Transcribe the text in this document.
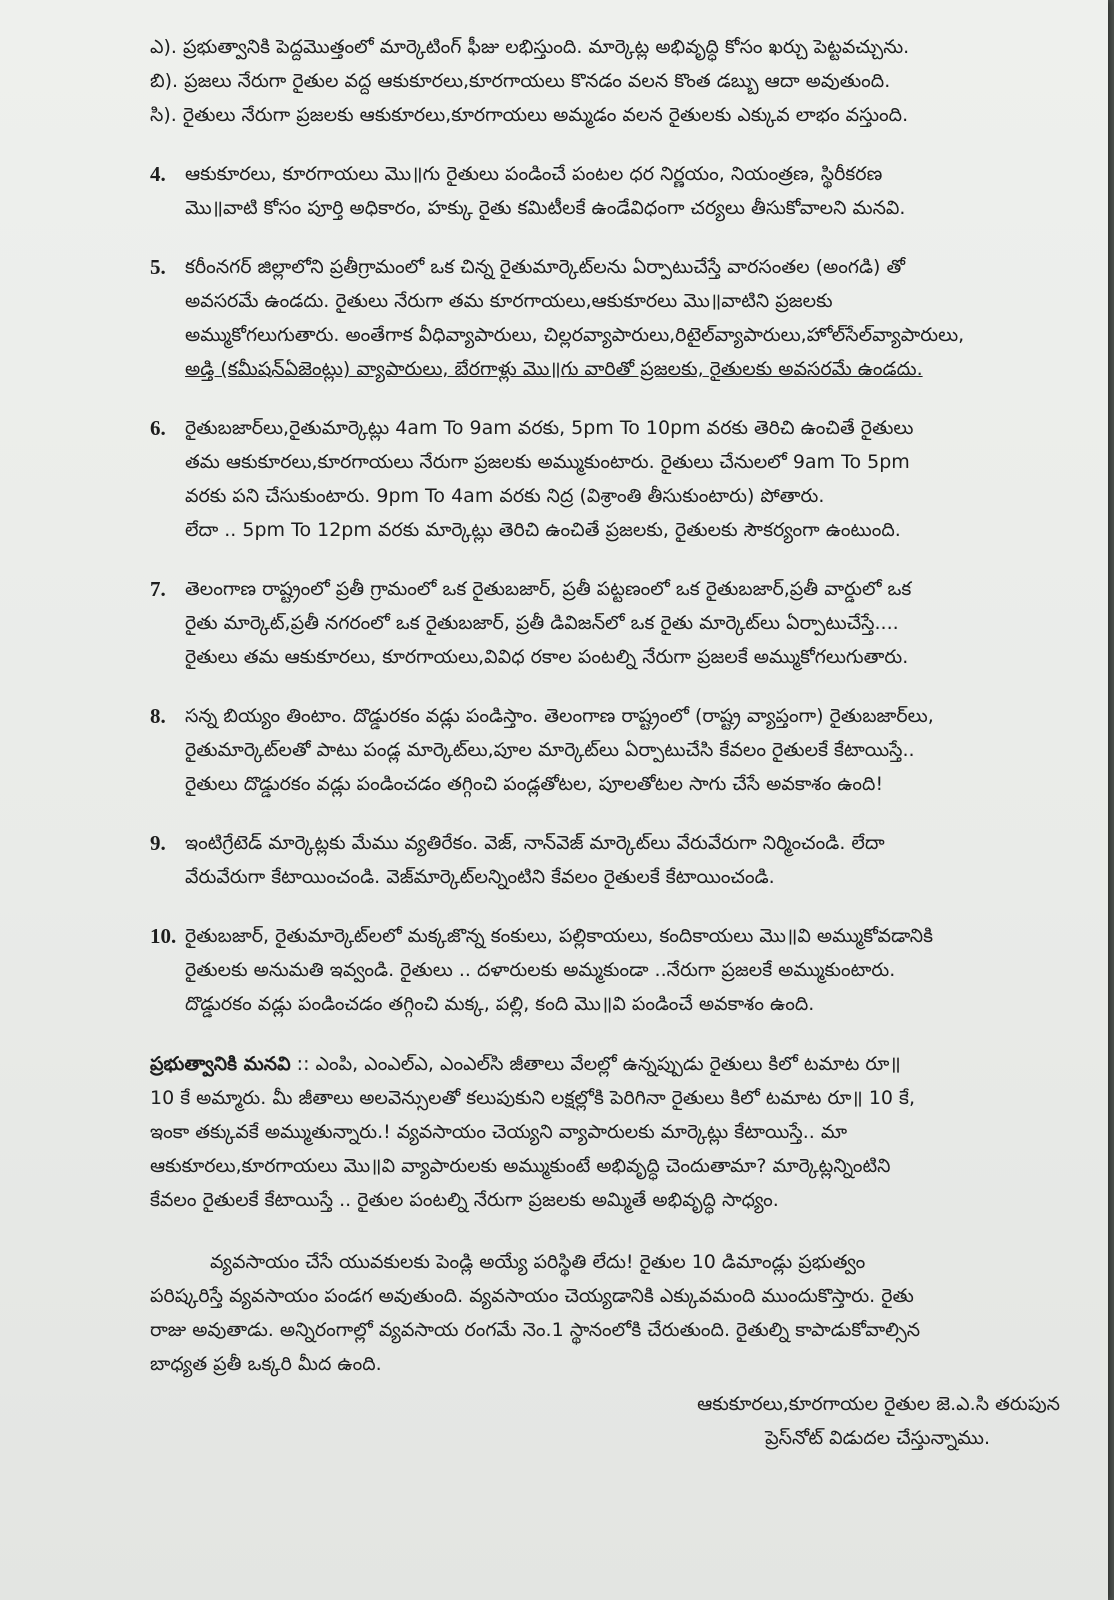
ఎ). ప్రభుత్వానికి పెద్దమొత్తంలో మార్కెటింగ్ ఫీజు లభిస్తుంది. మార్కెట్ల అభివృద్ధి కోసం ఖర్చు పెట్టవచ్చును.
బి). ప్రజలు నేరుగా రైతుల వద్ద ఆకుకూరలు,కూరగాయలు కొనడం వలన కొంత డబ్బు ఆదా అవుతుంది.
సి). రైతులు నేరుగా ప్రజలకు ఆకుకూరలు,కూరగాయలు అమ్మడం వలన రైతులకు ఎక్కువ లాభం వస్తుంది.
4. ఆకుకూరలు, కూరగాయలు మొ॥గు రైతులు పండించే పంటల ధర నిర్ణయం, నియంత్రణ, స్థిరీకరణ
మొ॥వాటి కోసం పూర్తి అధికారం, హక్కు రైతు కమిటీలకే ఉండేవిధంగా చర్యలు తీసుకోవాలని మనవి.
5. కరీంనగర్ జిల్లాలోని ప్రతీగ్రామంలో ఒక చిన్న రైతుమార్కెట్‌లను ఏర్పాటుచేస్తే వారసంతల (అంగడి) తో
అవసరమే ఉండదు. రైతులు నేరుగా తమ కూరగాయలు,ఆకుకూరలు మొ॥వాటిని ప్రజలకు
అమ్ముకోగలుగుతారు. అంతేగాక వీధివ్యాపారులు, చిల్లరవ్యాపారులు,రిటైల్‌వ్యాపారులు,హోల్‌సేల్‌వ్యాపారులు,
అడ్తి (కమీషన్‌ఏజెంట్లు) వ్యాపారులు, బేరగాళ్లు మొ॥గు వారితో ప్రజలకు, రైతులకు అవసరమే ఉండదు.
6. రైతుబజార్‌లు,రైతుమార్కెట్లు 4am To 9am వరకు, 5pm To 10pm వరకు తెరిచి ఉంచితే రైతులు
తమ ఆకుకూరలు,కూరగాయలు నేరుగా ప్రజలకు అమ్ముకుంటారు. రైతులు చేనులలో 9am To 5pm
వరకు పని చేసుకుంటారు. 9pm To 4am వరకు నిద్ర (విశ్రాంతి తీసుకుంటారు) పోతారు.
లేదా .. 5pm To 12pm వరకు మార్కెట్లు తెరిచి ఉంచితే ప్రజలకు, రైతులకు సౌకర్యంగా ఉంటుంది.
7. తెలంగాణ రాష్ట్రంలో ప్రతీ గ్రామంలో ఒక రైతుబజార్, ప్రతీ పట్టణంలో ఒక రైతుబజార్,ప్రతీ వార్డులో ఒక
రైతు మార్కెట్,ప్రతీ నగరంలో ఒక రైతుబజార్, ప్రతీ డివిజన్‌లో ఒక రైతు మార్కెట్‌లు ఏర్పాటుచేస్తే....
రైతులు తమ ఆకుకూరలు, కూరగాయలు,వివిధ రకాల పంటల్ని నేరుగా ప్రజలకే అమ్ముకోగలుగుతారు.
8. సన్న బియ్యం తింటాం. దొడ్డురకం వడ్లు పండిస్తాం. తెలంగాణ రాష్ట్రంలో (రాష్ట్ర వ్యాప్తంగా) రైతుబజార్‌లు,
రైతుమార్కెట్‌లతో పాటు పండ్ల మార్కెట్‌లు,పూల మార్కెట్‌లు ఏర్పాటుచేసి కేవలం రైతులకే కేటాయిస్తే..
రైతులు దొడ్డురకం వడ్లు పండించడం తగ్గించి పండ్లతోటల, పూలతోటల సాగు చేసే అవకాశం ఉంది!
9. ఇంటిగ్రేటెడ్ మార్కెట్లకు మేము వ్యతిరేకం. వెజ్, నాన్‌వెజ్ మార్కెట్‌లు వేరువేరుగా నిర్మించండి. లేదా
వేరువేరుగా కేటాయించండి. వెజ్‌మార్కెట్‌లన్నింటిని కేవలం రైతులకే కేటాయించండి.
10. రైతుబజార్, రైతుమార్కెట్‌లలో మక్కజొన్న కంకులు, పల్లికాయలు, కందికాయలు మొ॥వి అమ్ముకోవడానికి
రైతులకు అనుమతి ఇవ్వండి. రైతులు .. దళారులకు అమ్మకుండా ..నేరుగా ప్రజలకే అమ్ముకుంటారు.
దొడ్డురకం వడ్లు పండించడం తగ్గించి మక్క, పల్లి, కంది మొ॥వి పండించే అవకాశం ఉంది.
ప్రభుత్వానికి మనవి :: ఎంపి, ఎంఎల్ఎ, ఎంఎల్‌సి జీతాలు వేలల్లో ఉన్నప్పుడు రైతులు కిలో టమాట రూ॥
10 కే అమ్మారు. మీ జీతాలు అలవెన్సులతో కలుపుకుని లక్షల్లోకి పెరిగినా రైతులు కిలో టమాట రూ॥ 10 కే,
ఇంకా తక్కువకే అమ్ముతున్నారు.! వ్యవసాయం చెయ్యని వ్యాపారులకు మార్కెట్లు కేటాయిస్తే.. మా
ఆకుకూరలు,కూరగాయలు మొ॥వి వ్యాపారులకు అమ్ముకుంటే అభివృద్ధి చెందుతామా? మార్కెట్లన్నింటిని
కేవలం రైతులకే కేటాయిస్తే .. రైతుల పంటల్ని నేరుగా ప్రజలకు అమ్మితే అభివృద్ధి సాధ్యం.
వ్యవసాయం చేసే యువకులకు పెండ్లి అయ్యే పరిస్థితి లేదు! రైతుల 10 డిమాండ్లు ప్రభుత్వం
పరిష్కరిస్తే వ్యవసాయం పండగ అవుతుంది. వ్యవసాయం చెయ్యడానికి ఎక్కువమంది ముందుకొస్తారు. రైతు
రాజు అవుతాడు. అన్నిరంగాల్లో వ్యవసాయ రంగమే నెం.1 స్థానంలోకి చేరుతుంది. రైతుల్ని కాపాడుకోవాల్సిన
బాధ్యత ప్రతీ ఒక్కరి మీద ఉంది.
ఆకుకూరలు,కూరగాయల రైతుల జె.ఎ.సి తరుపున
ప్రెస్‌నోట్ విడుదల చేస్తున్నాము.
